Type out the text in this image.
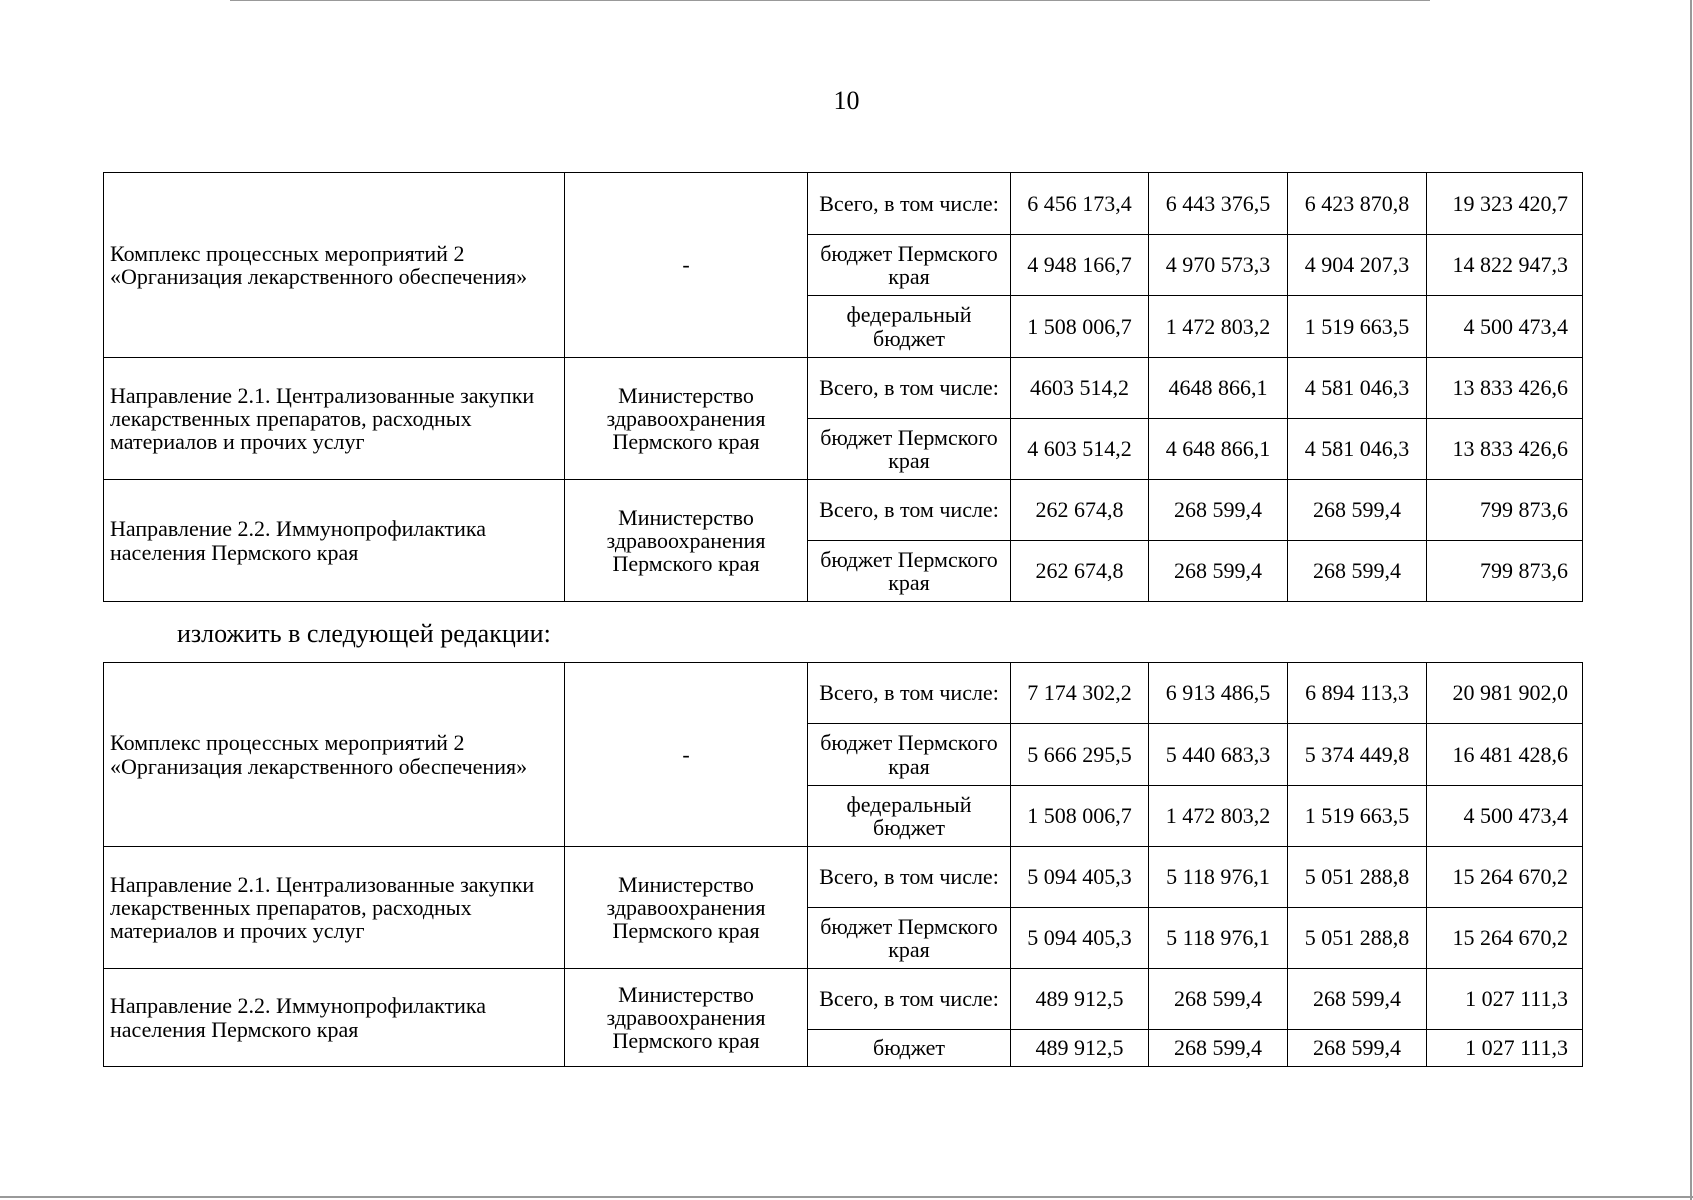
10
Комплекс процессных мероприятий 2 «Организация лекарственного обеспечения»	-	Всего, в том числе:	6 456 173,4	6 443 376,5	6 423 870,8	19 323 420,7
		бюджет Пермского края	4 948 166,7	4 970 573,3	4 904 207,3	14 822 947,3
		федеральный бюджет	1 508 006,7	1 472 803,2	1 519 663,5	4 500 473,4
Направление 2.1. Централизованные закупки лекарственных препаратов, расходных материалов и прочих услуг	Министерство здравоохранения Пермского края	Всего, в том числе:	4603 514,2	4648 866,1	4 581 046,3	13 833 426,6
		бюджет Пермского края	4 603 514,2	4 648 866,1	4 581 046,3	13 833 426,6
Направление 2.2. Иммунопрофилактика населения Пермского края	Министерство здравоохранения Пермского края	Всего, в том числе:	262 674,8	268 599,4	268 599,4	799 873,6
		бюджет Пермского края	262 674,8	268 599,4	268 599,4	799 873,6
изложить в следующей редакции:
Комплекс процессных мероприятий 2 «Организация лекарственного обеспечения»	-	Всего, в том числе:	7 174 302,2	6 913 486,5	6 894 113,3	20 981 902,0
		бюджет Пермского края	5 666 295,5	5 440 683,3	5 374 449,8	16 481 428,6
		федеральный бюджет	1 508 006,7	1 472 803,2	1 519 663,5	4 500 473,4
Направление 2.1. Централизованные закупки лекарственных препаратов, расходных материалов и прочих услуг	Министерство здравоохранения Пермского края	Всего, в том числе:	5 094 405,3	5 118 976,1	5 051 288,8	15 264 670,2
		бюджет Пермского края	5 094 405,3	5 118 976,1	5 051 288,8	15 264 670,2
Направление 2.2. Иммунопрофилактика населения Пермского края	Министерство здравоохранения Пермского края	Всего, в том числе:	489 912,5	268 599,4	268 599,4	1 027 111,3
		бюджет	489 912,5	268 599,4	268 599,4	1 027 111,3
